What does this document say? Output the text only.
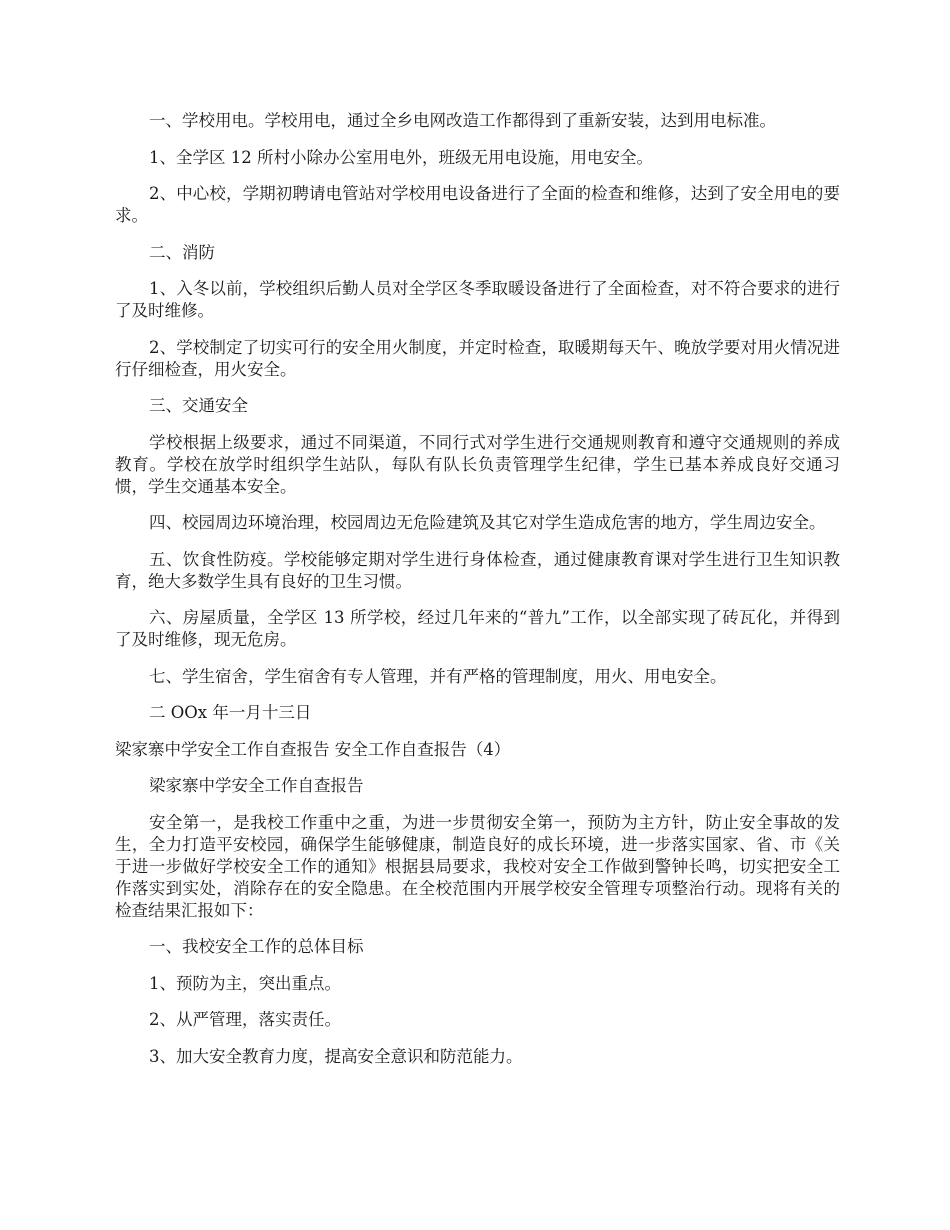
一、学校用电。学校用电，通过全乡电网改造工作都得到了重新安装，达到用电标准。

1、全学区 12 所村小除办公室用电外，班级无用电设施，用电安全。

2、中心校，学期初聘请电管站对学校用电设备进行了全面的检查和维修，达到了安全用电的要求。

二、消防

1、入冬以前，学校组织后勤人员对全学区冬季取暖设备进行了全面检查，对不符合要求的进行了及时维修。

2、学校制定了切实可行的安全用火制度，并定时检查，取暖期每天午、晚放学要对用火情况进行仔细检查，用火安全。

三、交通安全

学校根据上级要求，通过不同渠道，不同行式对学生进行交通规则教育和遵守交通规则的养成教育。学校在放学时组织学生站队，每队有队长负责管理学生纪律，学生已基本养成良好交通习惯，学生交通基本安全。

四、校园周边环境治理，校园周边无危险建筑及其它对学生造成危害的地方，学生周边安全。

五、饮食性防疫。学校能够定期对学生进行身体检查，通过健康教育课对学生进行卫生知识教育，绝大多数学生具有良好的卫生习惯。

六、房屋质量，全学区 13 所学校，经过几年来的“普九”工作，以全部实现了砖瓦化，并得到了及时维修，现无危房。

七、学生宿舍，学生宿舍有专人管理，并有严格的管理制度，用火、用电安全。

二 OOx 年一月十三日

梁家寨中学安全工作自查报告 安全工作自查报告（4）

梁家寨中学安全工作自查报告

安全第一，是我校工作重中之重，为进一步贯彻安全第一，预防为主方针，防止安全事故的发生，全力打造平安校园，确保学生能够健康，制造良好的成长环境，进一步落实国家、省、市《关于进一步做好学校安全工作的通知》根据县局要求，我校对安全工作做到警钟长鸣，切实把安全工作落实到实处，消除存在的安全隐患。在全校范围内开展学校安全管理专项整治行动。现将有关的检查结果汇报如下：

一、我校安全工作的总体目标

1、预防为主，突出重点。

2、从严管理，落实责任。

3、加大安全教育力度，提高安全意识和防范能力。
